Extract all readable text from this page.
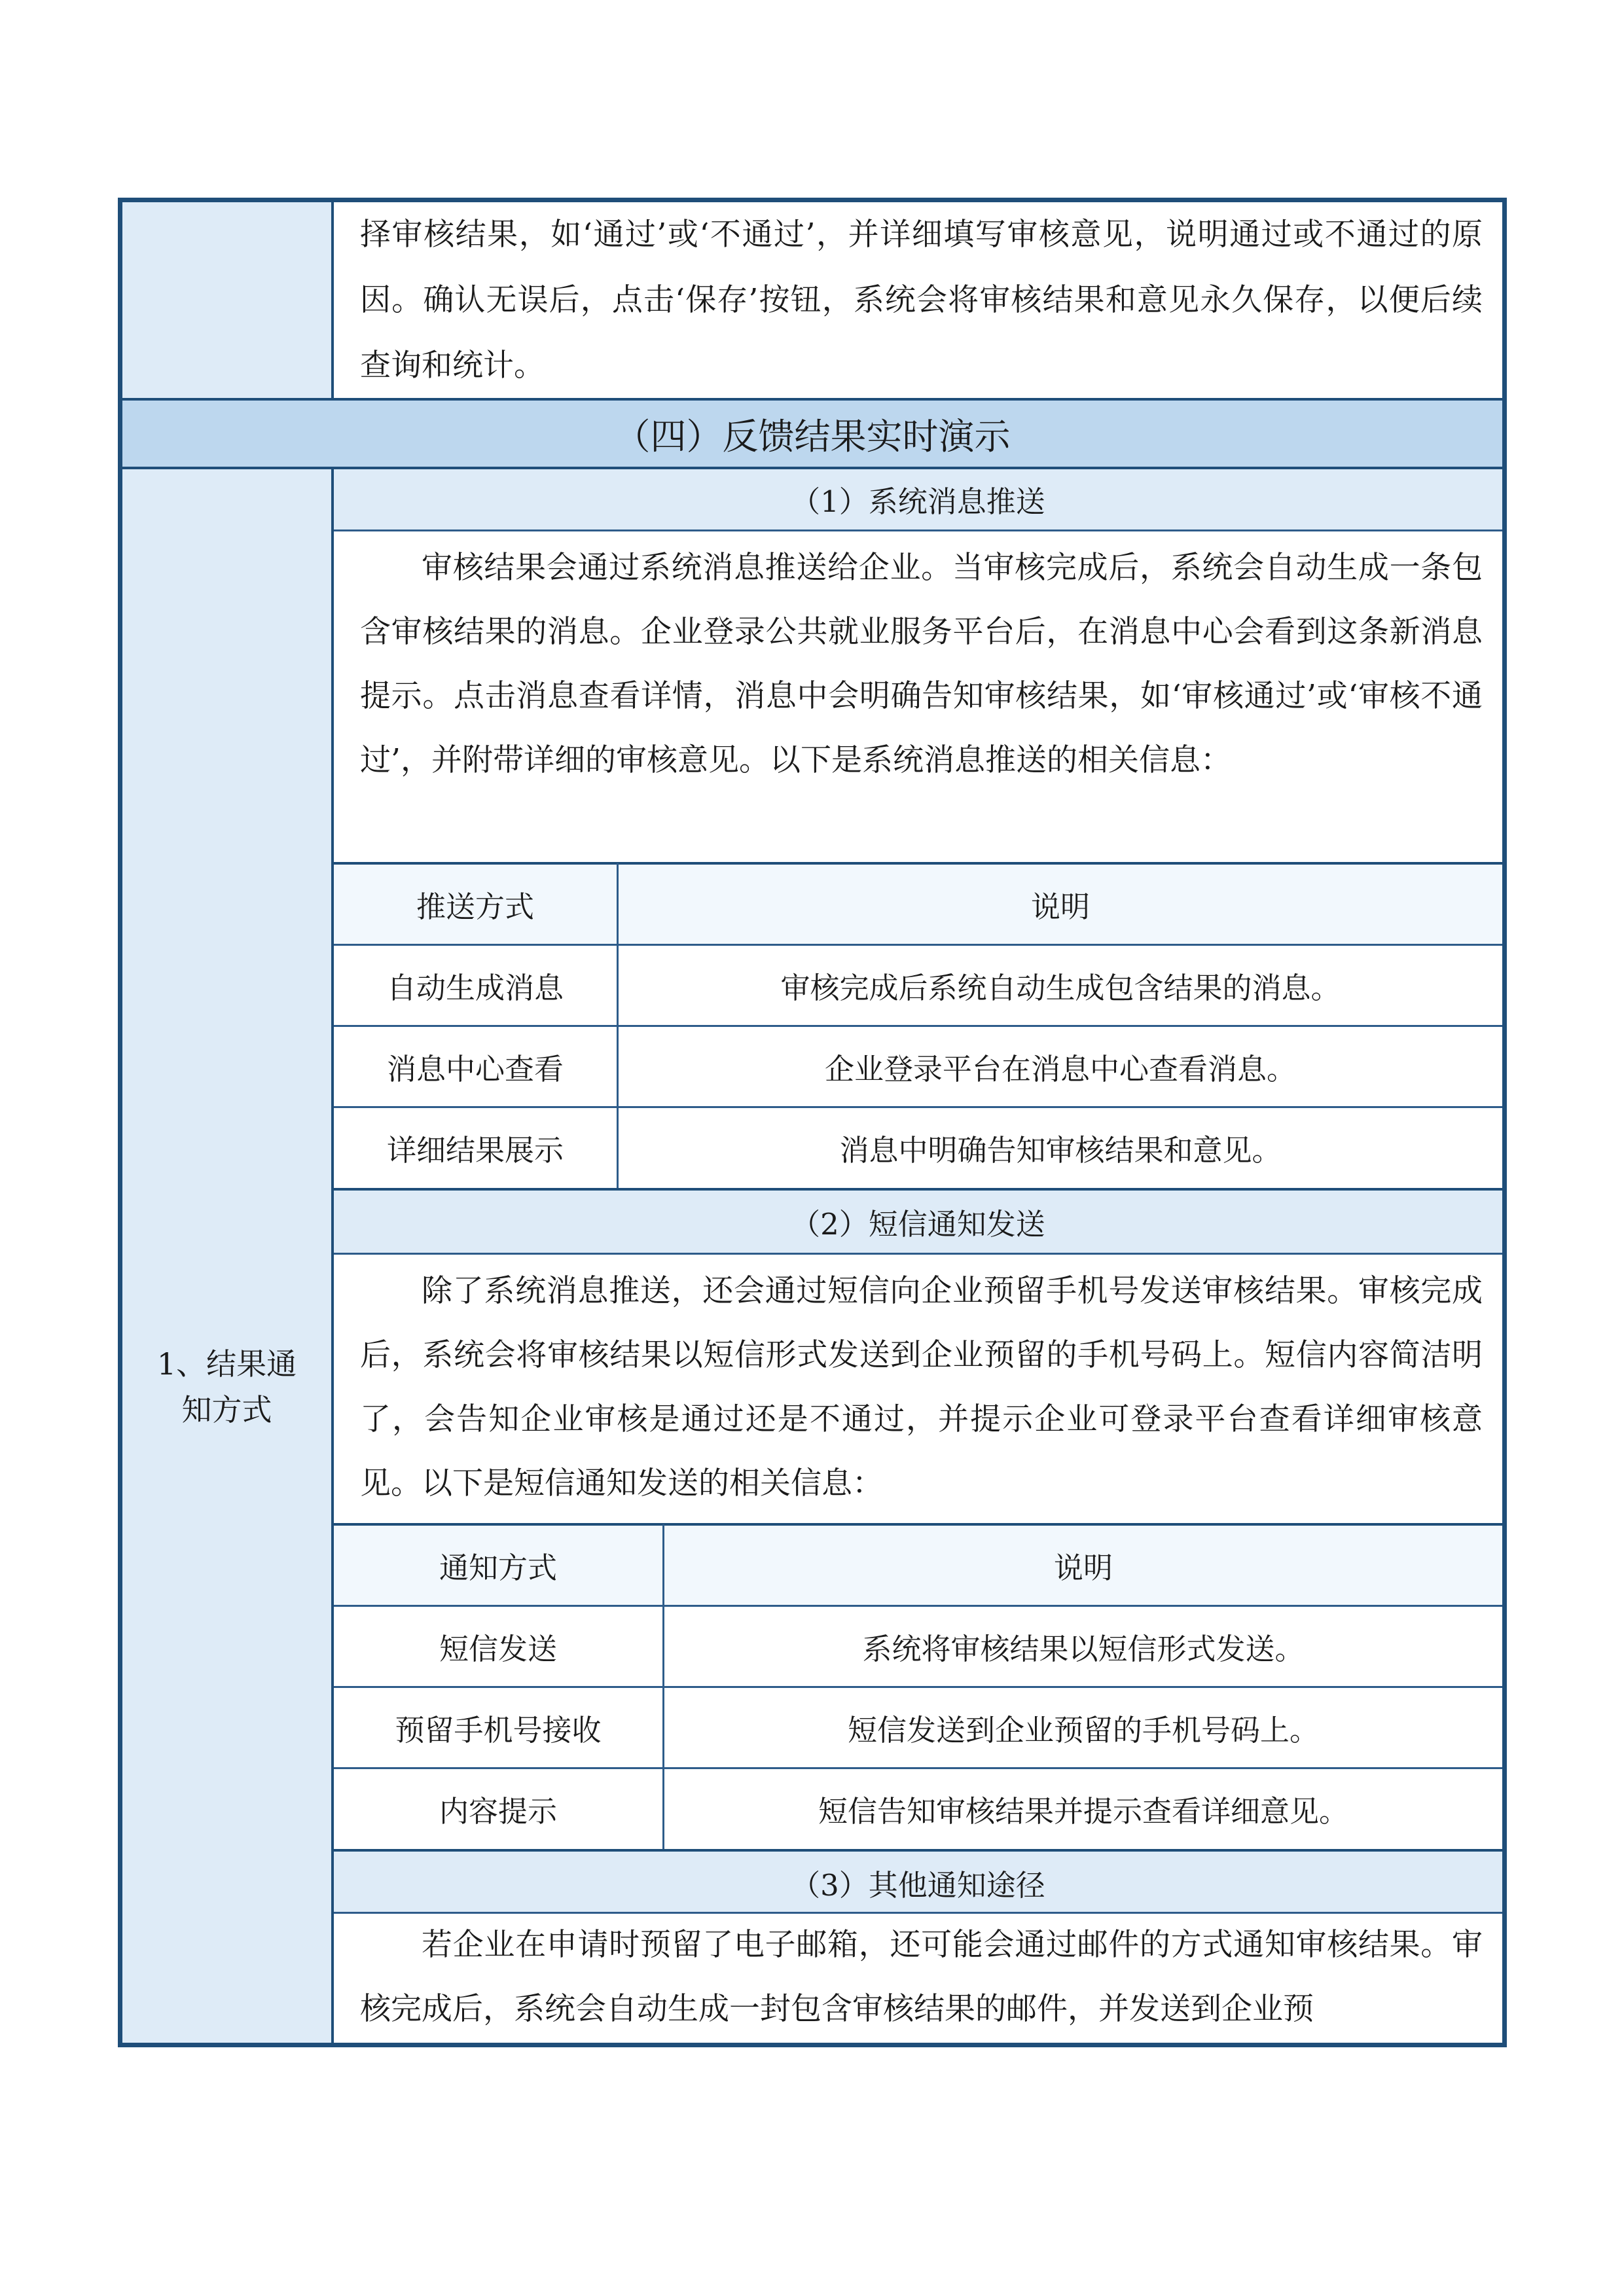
择审核结果，如‘通过’或‘不通过’，并详细填写审核意见，说明通过或不通过的原因。确认无误后，点击‘保存’按钮，系统会将审核结果和意见永久保存，以便后续查询和统计。
（四）反馈结果实时演示
1、结果通
知方式
（1）系统消息推送
审核结果会通过系统消息推送给企业。当审核完成后，系统会自动生成一条包含审核结果的消息。企业登录公共就业服务平台后，在消息中心会看到这条新消息提示。点击消息查看详情，消息中会明确告知审核结果，如‘审核通过’或‘审核不通过’，并附带详细的审核意见。以下是系统消息推送的相关信息：
推送方式	说明
自动生成消息	审核完成后系统自动生成包含结果的消息。
消息中心查看	企业登录平台在消息中心查看消息。
详细结果展示	消息中明确告知审核结果和意见。
（2）短信通知发送
除了系统消息推送，还会通过短信向企业预留手机号发送审核结果。审核完成后，系统会将审核结果以短信形式发送到企业预留的手机号码上。短信内容简洁明了，会告知企业审核是通过还是不通过，并提示企业可登录平台查看详细审核意见。以下是短信通知发送的相关信息：
通知方式	说明
短信发送	系统将审核结果以短信形式发送。
预留手机号接收	短信发送到企业预留的手机号码上。
内容提示	短信告知审核结果并提示查看详细意见。
（3）其他通知途径
若企业在申请时预留了电子邮箱，还可能会通过邮件的方式通知审核结果。审核完成后，系统会自动生成一封包含审核结果的邮件，并发送到企业预
